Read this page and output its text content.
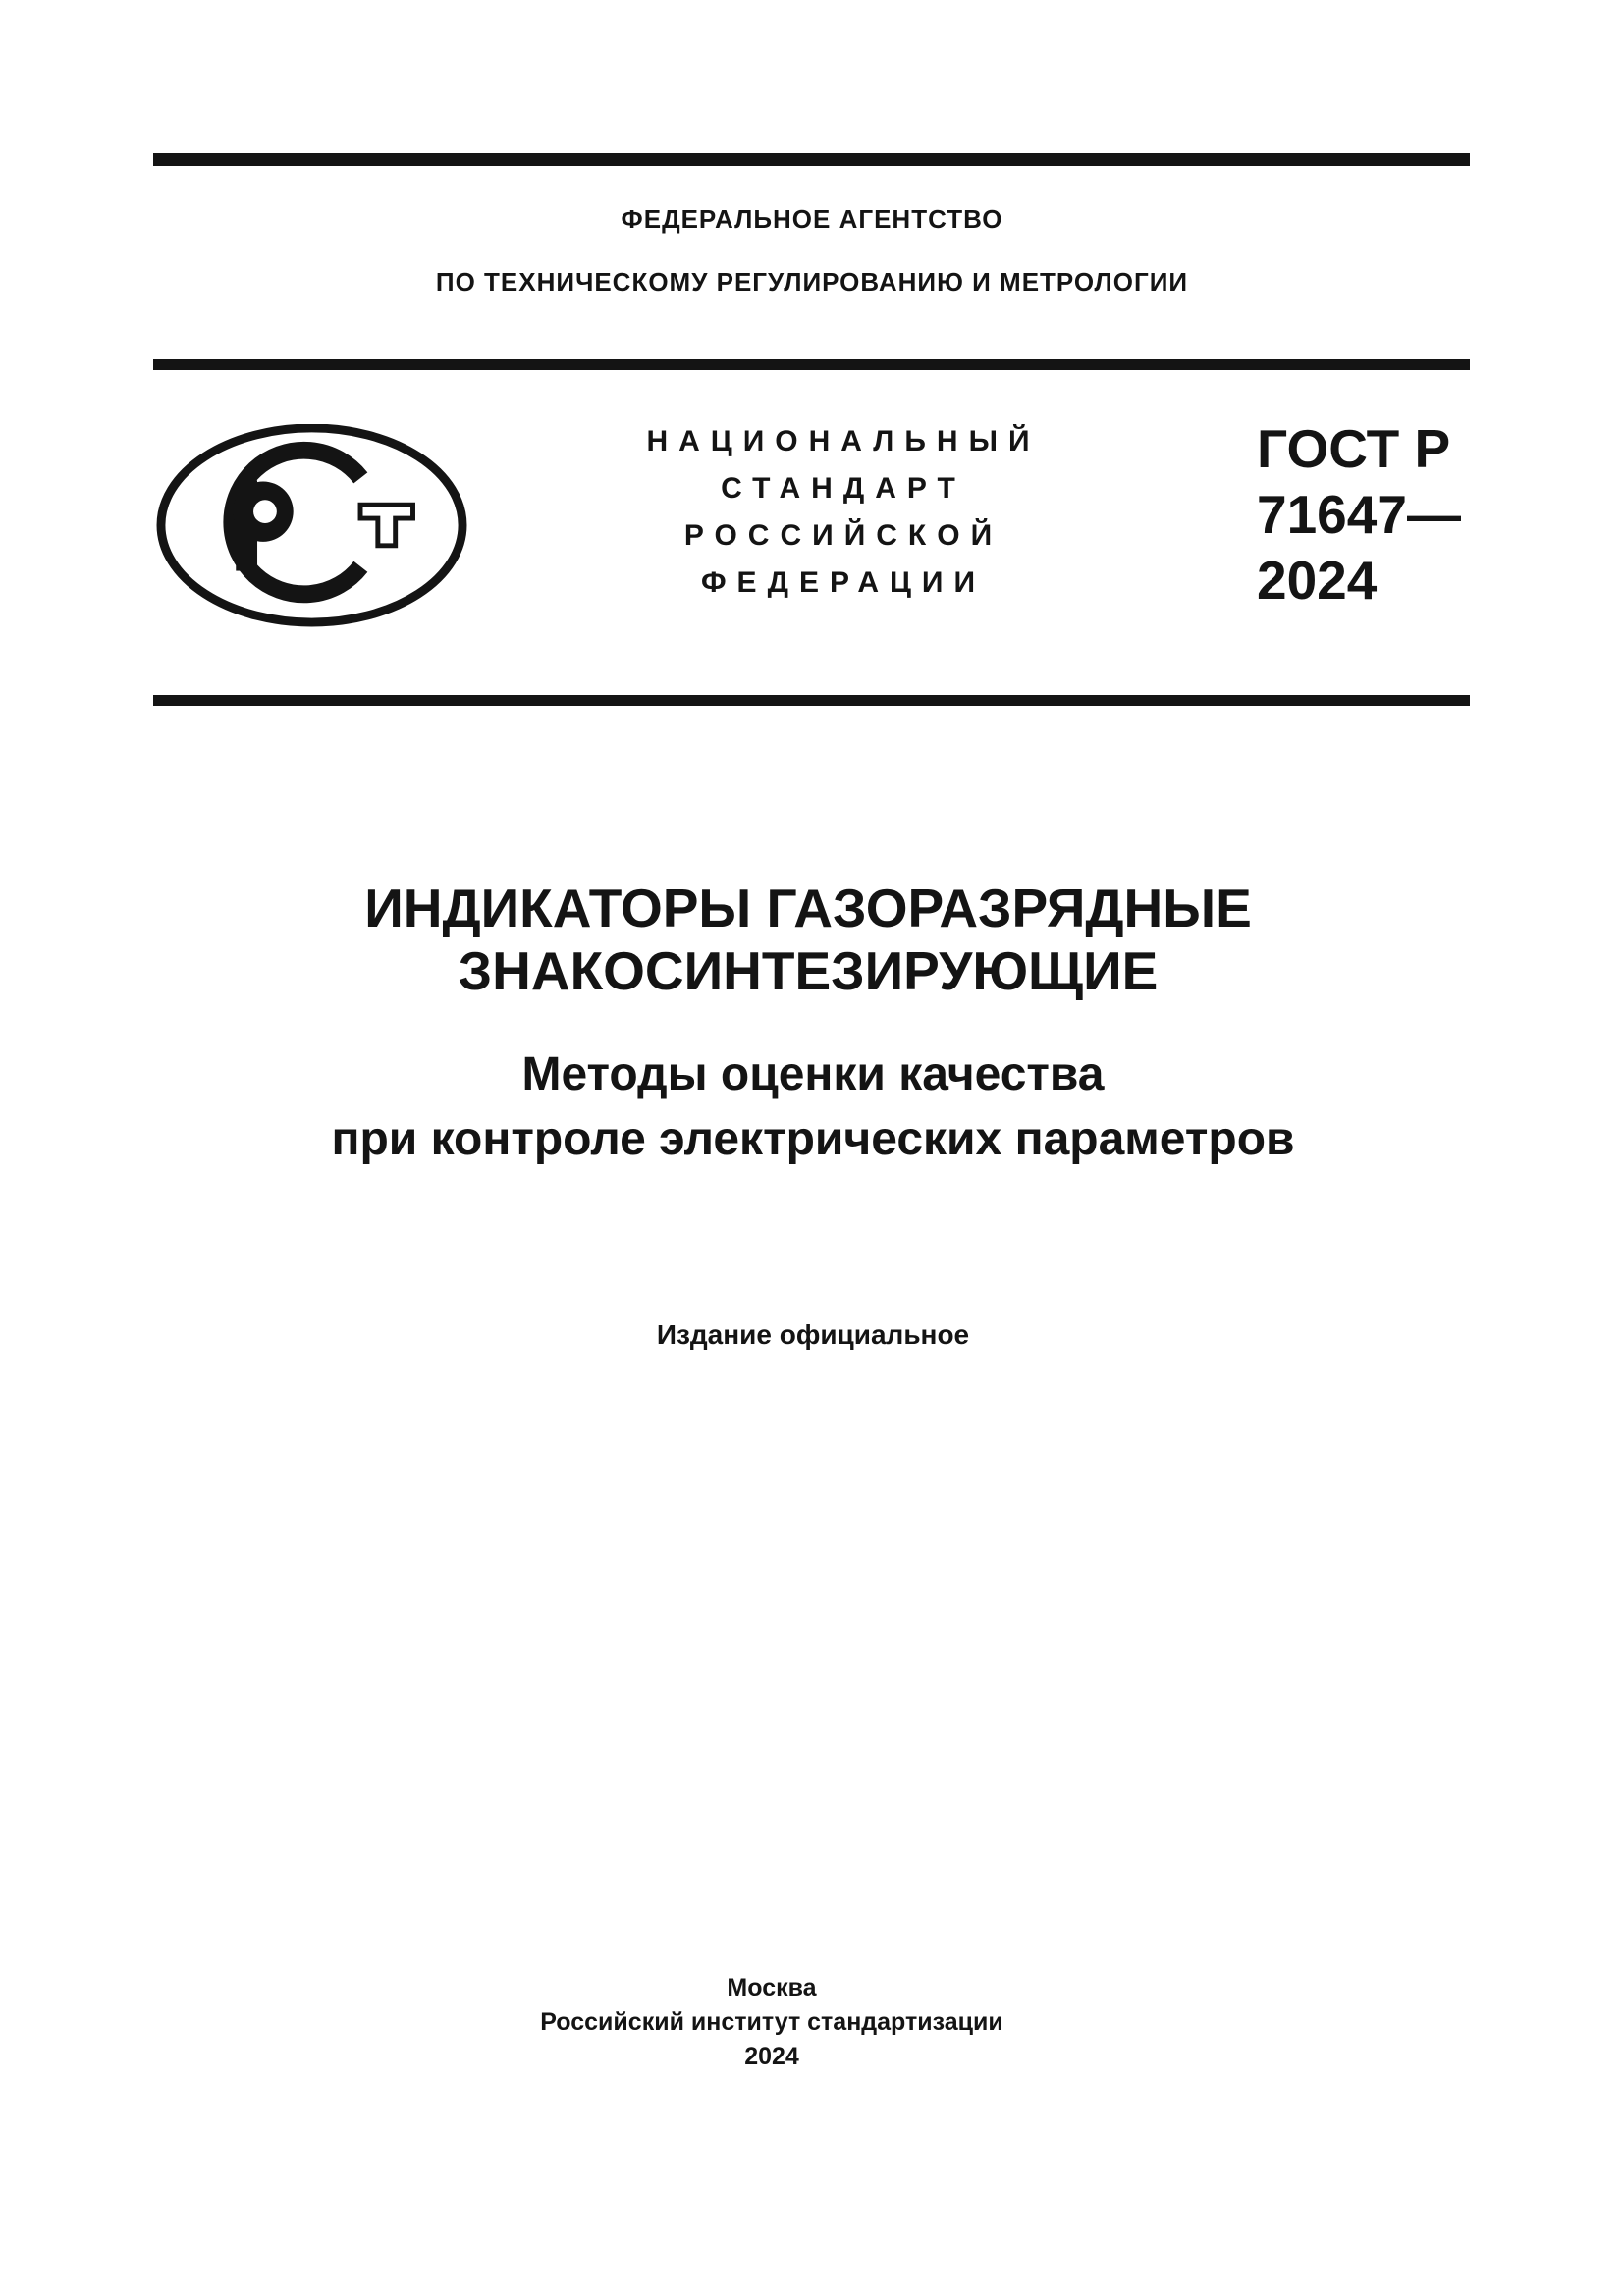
ФЕДЕРАЛЬНОЕ АГЕНТСТВО
ПО ТЕХНИЧЕСКОМУ РЕГУЛИРОВАНИЮ И МЕТРОЛОГИИ
НАЦИОНАЛЬНЫЙ
СТАНДАРТ
РОССИЙСКОЙ
ФЕДЕРАЦИИ
ГОСТ Р
71647—
2024
ИНДИКАТОРЫ ГАЗОРАЗРЯДНЫЕ
ЗНАКОСИНТЕЗИРУЮЩИЕ
Методы оценки качества
при контроле электрических параметров
Издание официальное
Москва
Российский институт стандартизации
2024
